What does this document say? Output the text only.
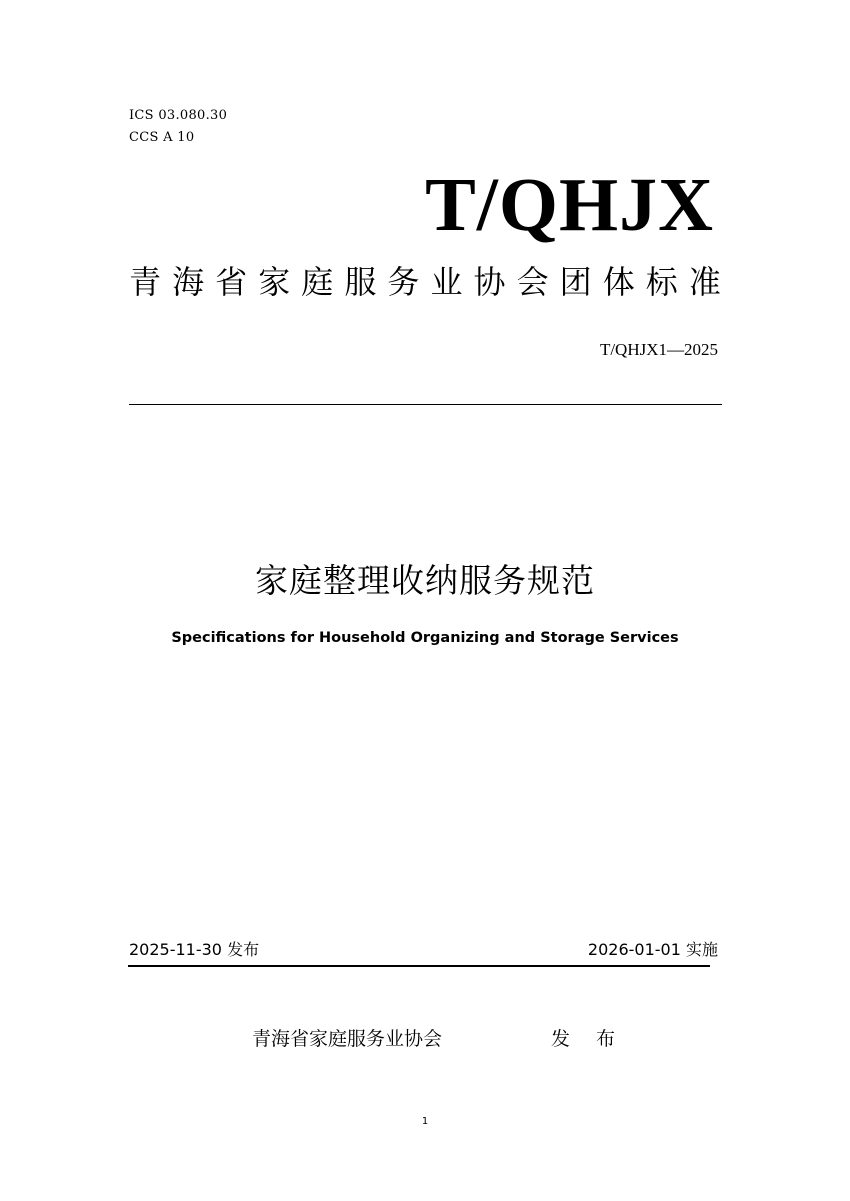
ICS 03.080.30
CCS A 10
T/QHJX
青 海 省 家 庭 服 务 业 协 会 团 体 标 准
T/QHJX1—2025
家庭整理收纳服务规范
Specifications for Household Organizing and Storage Services
2025-11-30 发布	2026-01-01 实施
青海省家庭服务业协会	发 布
1
